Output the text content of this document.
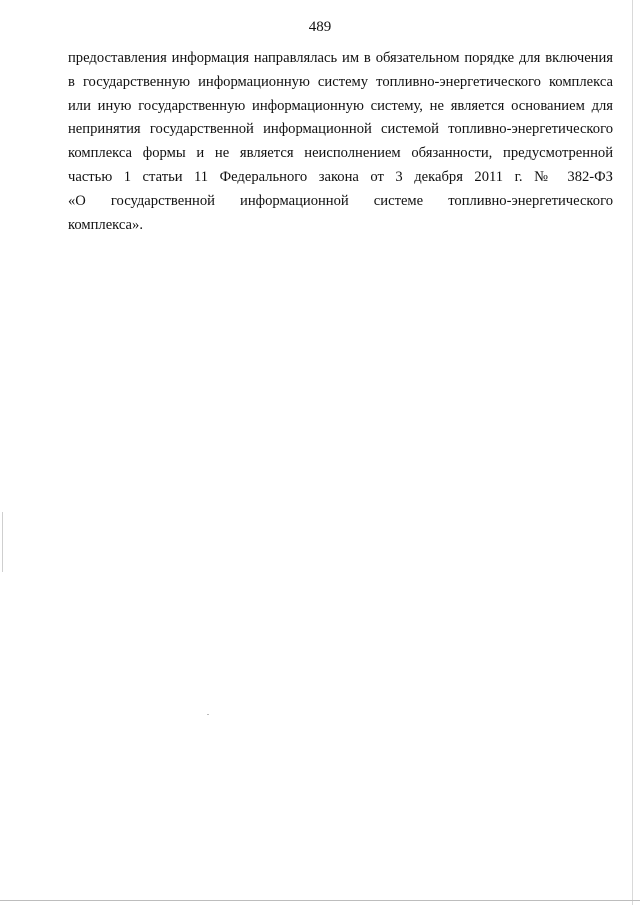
489

предоставления информация направлялась им в обязательном порядке для включения
в государственную информационную систему топливно-энергетического комплекса
или иную государственную информационную систему, не является основанием для
непринятия государственной информационной системой топливно-энергетического
комплекса формы и не является неисполнением обязанности, предусмотренной
частью 1 статьи 11 Федерального закона от 3 декабря 2011 г. № 382-ФЗ
«О государственной информационной системе топливно-энергетического
комплекса».
